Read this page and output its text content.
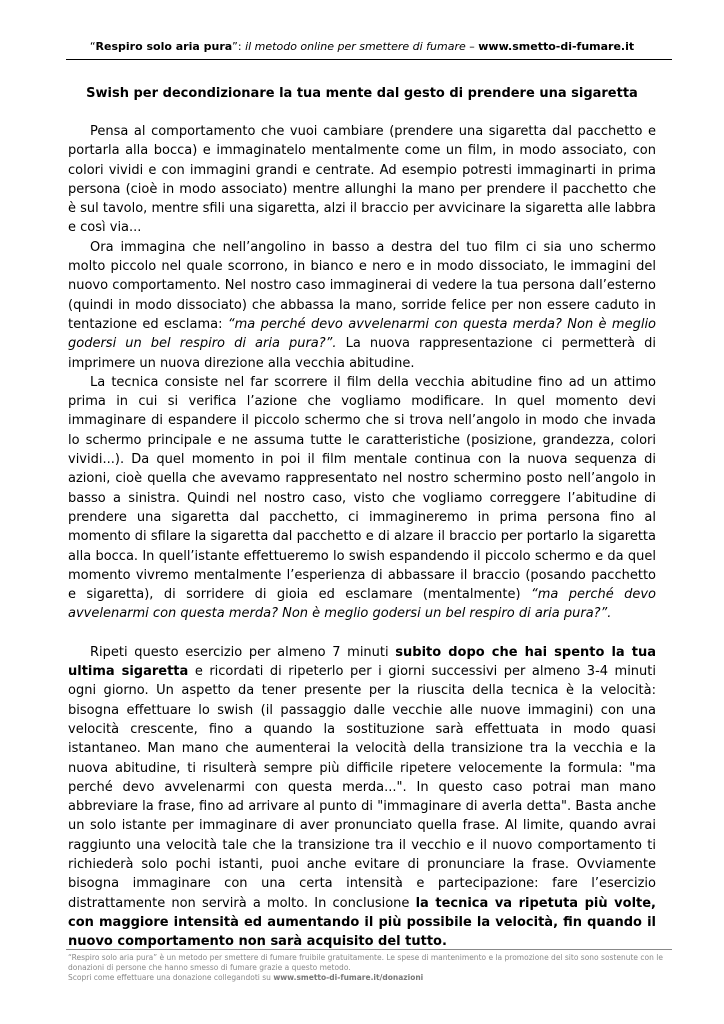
“Respiro solo aria pura”: il metodo online per smettere di fumare – www.smetto-di-fumare.it
Swish per decondizionare la tua mente dal gesto di prendere una sigaretta

Pensa al comportamento che vuoi cambiare (prendere una sigaretta dal pacchetto e portarla alla bocca) e immaginatelo mentalmente come un film, in modo associato, con colori vividi e con immagini grandi e centrate. Ad esempio potresti immaginarti in prima persona (cioè in modo associato) mentre allunghi la mano per prendere il pacchetto che è sul tavolo, mentre sfili una sigaretta, alzi il braccio per avvicinare la sigaretta alle labbra e così via...

Ora immagina che nell’angolino in basso a destra del tuo film ci sia uno schermo molto piccolo nel quale scorrono, in bianco e nero e in modo dissociato, le immagini del nuovo comportamento. Nel nostro caso immaginerai di vedere la tua persona dall’esterno (quindi in modo dissociato) che abbassa la mano, sorride felice per non essere caduto in tentazione ed esclama: “ma perché devo avvelenarmi con questa merda? Non è meglio godersi un bel respiro di aria pura?”. La nuova rappresentazione ci permetterà di imprimere un nuova direzione alla vecchia abitudine.

La tecnica consiste nel far scorrere il film della vecchia abitudine fino ad un attimo prima in cui si verifica l’azione che vogliamo modificare. In quel momento devi immaginare di espandere il piccolo schermo che si trova nell’angolo in modo che invada lo schermo principale e ne assuma tutte le caratteristiche (posizione, grandezza, colori vividi...). Da quel momento in poi il film mentale continua con la nuova sequenza di azioni, cioè quella che avevamo rappresentato nel nostro schermino posto nell’angolo in basso a sinistra. Quindi nel nostro caso, visto che vogliamo correggere l’abitudine di prendere una sigaretta dal pacchetto, ci immagineremo in prima persona fino al momento di sfilare la sigaretta dal pacchetto e di alzare il braccio per portarlo la sigaretta alla bocca. In quell’istante effettueremo lo swish espandendo il piccolo schermo e da quel momento vivremo mentalmente l’esperienza di abbassare il braccio (posando pacchetto e sigaretta), di sorridere di gioia ed esclamare (mentalmente) “ma perché devo avvelenarmi con questa merda? Non è meglio godersi un bel respiro di aria pura?”.

Ripeti questo esercizio per almeno 7 minuti subito dopo che hai spento la tua ultima sigaretta e ricordati di ripeterlo per i giorni successivi per almeno 3-4 minuti ogni giorno. Un aspetto da tener presente per la riuscita della tecnica è la velocità: bisogna effettuare lo swish (il passaggio dalle vecchie alle nuove immagini) con una velocità crescente, fino a quando la sostituzione sarà effettuata in modo quasi istantaneo. Man mano che aumenterai la velocità della transizione tra la vecchia e la nuova abitudine, ti risulterà sempre più difficile ripetere velocemente la formula: "ma perché devo avvelenarmi con questa merda...". In questo caso potrai man mano abbreviare la frase, fino ad arrivare al punto di "immaginare di averla detta". Basta anche un solo istante per immaginare di aver pronunciato quella frase. Al limite, quando avrai raggiunto una velocità tale che la transizione tra il vecchio e il nuovo comportamento ti richiederà solo pochi istanti, puoi anche evitare di pronunciare la frase. Ovviamente bisogna immaginare con una certa intensità e partecipazione: fare l’esercizio distrattamente non servirà a molto. In conclusione la tecnica va ripetuta più volte, con maggiore intensità ed aumentando il più possibile la velocità, fin quando il nuovo comportamento non sarà acquisito del tutto.

“Respiro solo aria pura” è un metodo per smettere di fumare fruibile gratuitamente. Le spese di mantenimento e la promozione del sito sono sostenute con le donazioni di persone che hanno smesso di fumare grazie a questo metodo.
Scopri come effettuare una donazione collegandoti su www.smetto-di-fumare.it/donazioni
